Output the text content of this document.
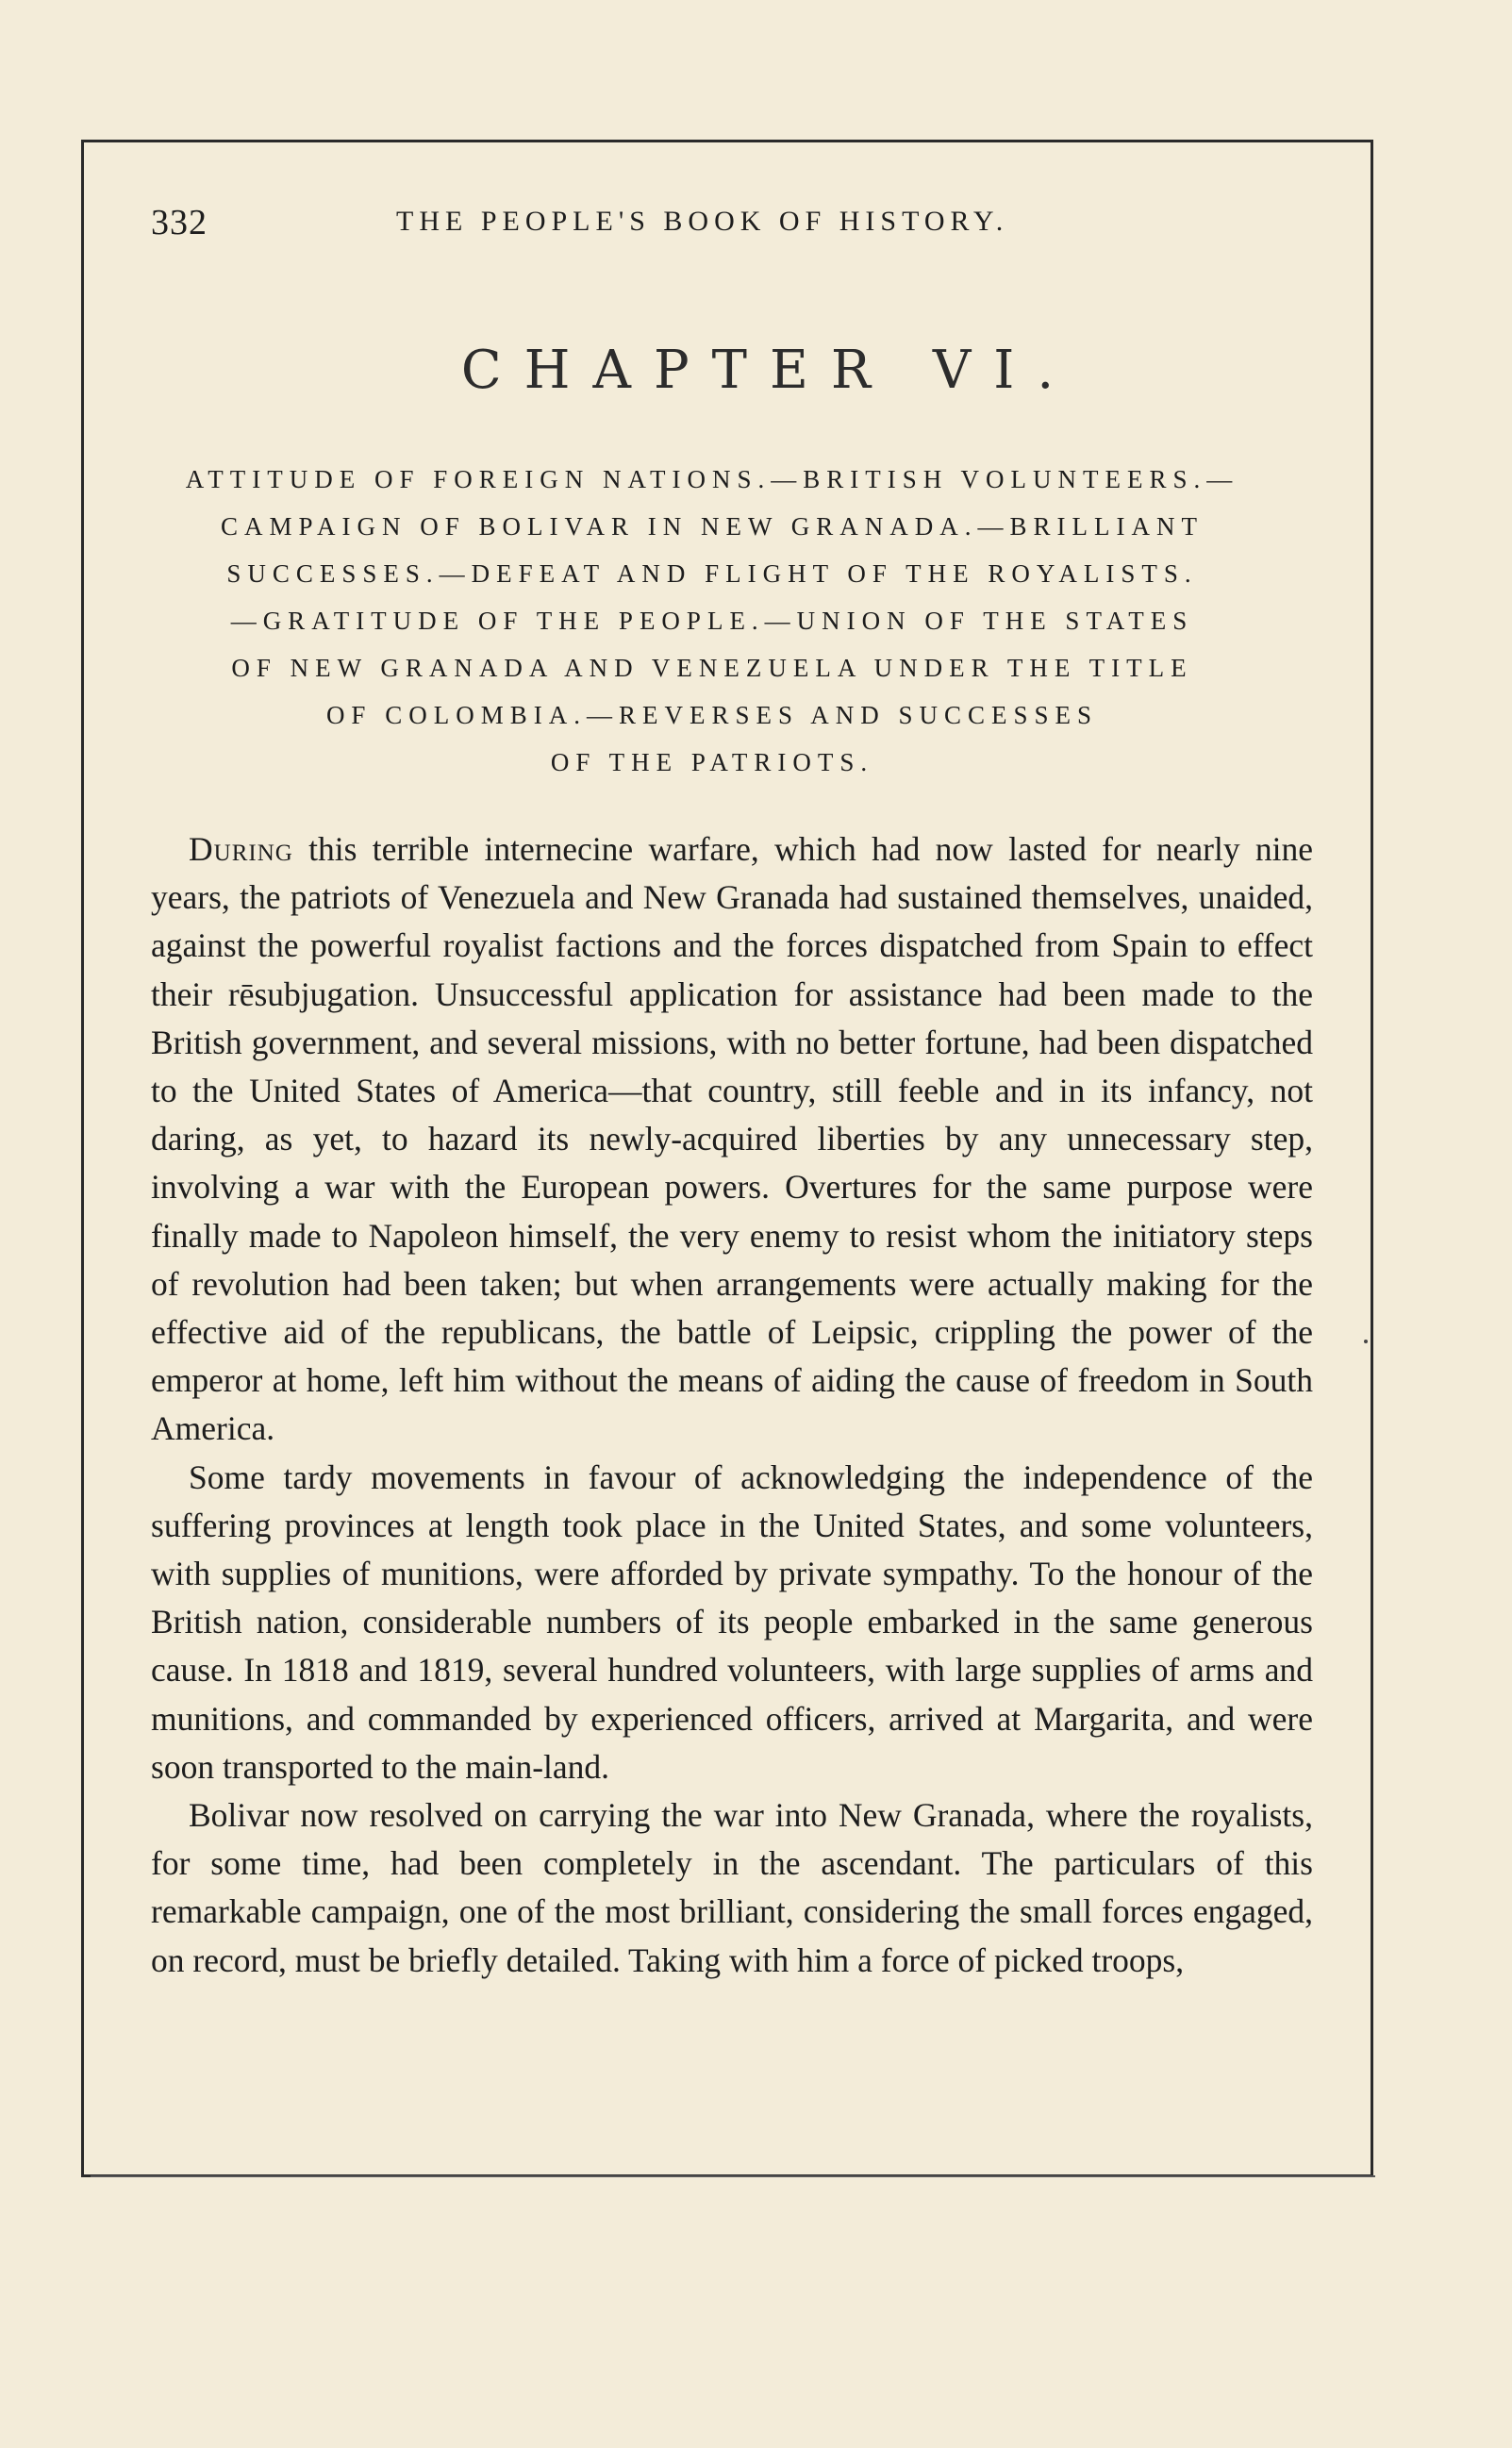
332	THE PEOPLE'S BOOK OF HISTORY.
CHAPTER VI.
ATTITUDE OF FOREIGN NATIONS.—BRITISH VOLUNTEERS.—
CAMPAIGN OF BOLIVAR IN NEW GRANADA.—BRILLIANT
SUCCESSES.—DEFEAT AND FLIGHT OF THE ROYALISTS.
—GRATITUDE OF THE PEOPLE.—UNION OF THE STATES
OF NEW GRANADA AND VENEZUELA UNDER THE TITLE
OF COLOMBIA.—REVERSES AND SUCCESSES
OF THE PATRIOTS.

During this terrible internecine warfare, which had now lasted for nearly nine years, the patriots of Venezuela and New Granada had sustained themselves, unaided, against the powerful royalist factions and the forces dispatched from Spain to effect their rēsubjugation. Unsuccessful application for assistance had been made to the British government, and several missions, with no better fortune, had been dispatched to the United States of America—that country, still feeble and in its infancy, not daring, as yet, to hazard its newly-acquired liberties by any unnecessary step, involving a war with the European powers. Overtures for the same purpose were finally made to Napoleon himself, the very enemy to resist whom the initiatory steps of revolution had been taken; but when arrangements were actually making for the effective aid of the republicans, the battle of Leipsic, crippling the power of the emperor at home, left him without the means of aiding the cause of freedom in South America.

Some tardy movements in favour of acknowledging the independence of the suffering provinces at length took place in the United States, and some volunteers, with supplies of munitions, were afforded by private sympathy. To the honour of the British nation, considerable numbers of its people embarked in the same generous cause. In 1818 and 1819, several hundred volunteers, with large supplies of arms and munitions, and commanded by experienced officers, arrived at Margarita, and were soon transported to the main-land.

Bolivar now resolved on carrying the war into New Granada, where the royalists, for some time, had been completely in the ascendant. The particulars of this remarkable campaign, one of the most brilliant, considering the small forces engaged, on record, must be briefly detailed. Taking with him a force of picked troops,
